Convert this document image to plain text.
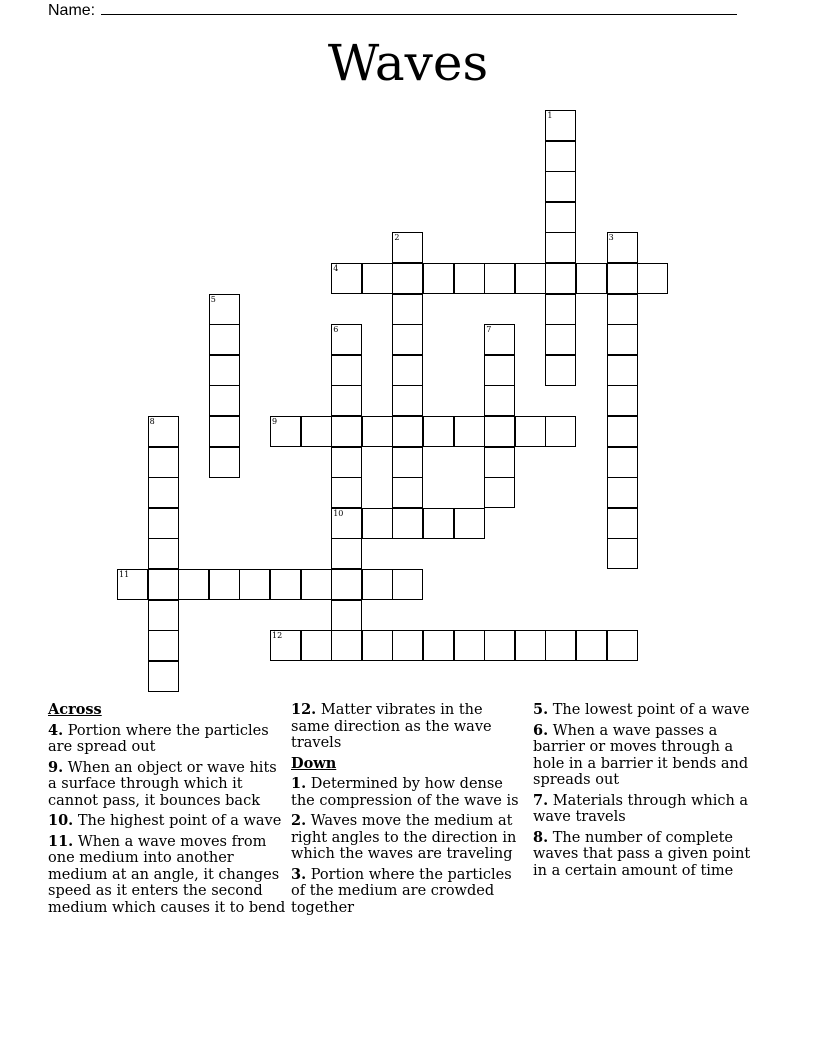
Name:
Waves
1
2	3
4
5
6
10
7
8	9
11
12
Across
4. Portion where the particles are spread out
9. When an object or wave hits a surface through which it cannot pass, it bounces back
10. The highest point of a wave
11. When a wave moves from one medium into another medium at an angle, it changes speed as it enters the second medium which causes it to bend
12. Matter vibrates in the same direction as the wave travels
Down
1. Determined by how dense the compression of the wave is
2. Waves move the medium at right angles to the direction in which the waves are traveling
3. Portion where the particles of the medium are crowded together
5. The lowest point of a wave
6. When a wave passes a barrier or moves through a hole in a barrier it bends and spreads out
7. Materials through which a wave travels
8. The number of complete waves that pass a given point in a certain amount of time
